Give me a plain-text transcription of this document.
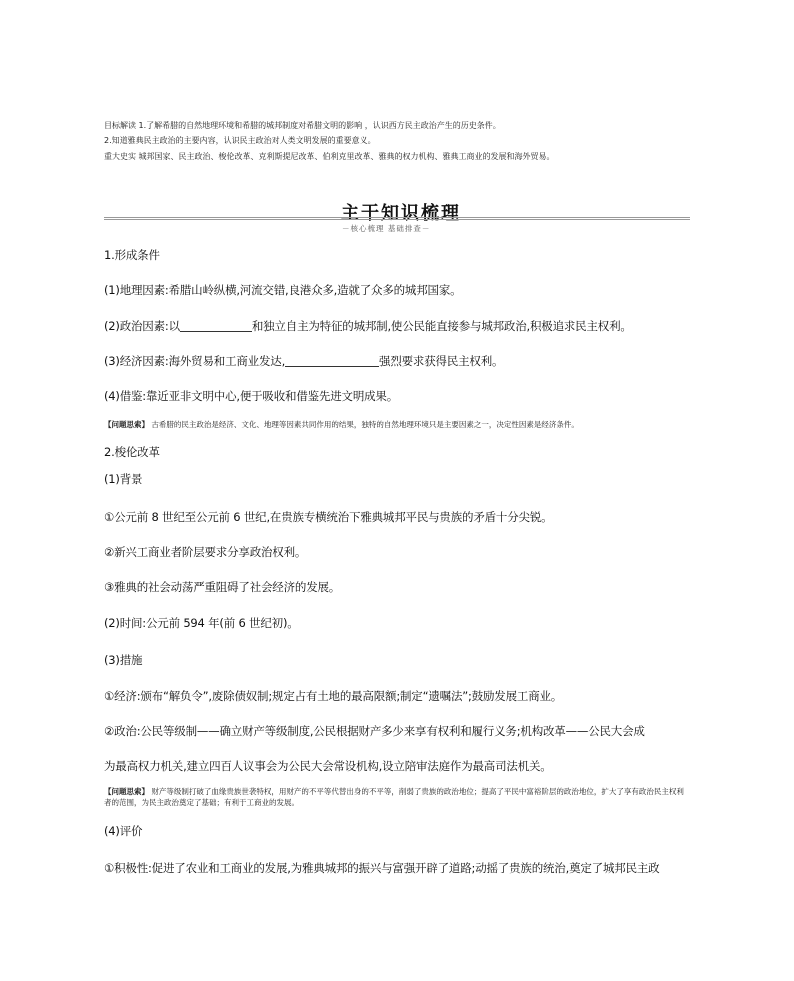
目标解读 1.了解希腊的自然地理环境和希腊的城邦制度对希腊文明的影响 ，认识西方民主政治产生的历史条件。
2.知道雅典民主政治的主要内容，认识民主政治对人类文明发展的重要意义。
重大史实 城邦国家、民主政治、梭伦改革、克利斯提尼改革、伯利克里改革、雅典的权力机构、雅典工商业的发展和海外贸易。
主干知识梳理
－核心梳理 基础排查－
1.形成条件
(1)地理因素:希腊山岭纵横,河流交错,良港众多,造就了众多的城邦国家。
(2)政治因素:以	和独立自主为特征的城邦制,使公民能直接参与城邦政治,积极追求民主权利。
(3)经济因素:海外贸易和工商业发达,	强烈要求获得民主权利。
(4)借鉴:靠近亚非文明中心,便于吸收和借鉴先进文明成果。
【问题思索】 古希腊的民主政治是经济、文化、地理等因素共同作用的结果，独特的自然地理环境只是主要因素之一，决定性因素是经济条件。
2.梭伦改革
(1)背景
①公元前 8 世纪至公元前 6 世纪,在贵族专横统治下雅典城邦平民与贵族的矛盾十分尖锐。
②新兴工商业者阶层要求分享政治权利。
③雅典的社会动荡严重阻碍了社会经济的发展。
(2)时间:公元前 594 年(前 6 世纪初)。
(3)措施
①经济:颁布“解负令”,废除债奴制;规定占有土地的最高限额;制定“遗嘱法”;鼓励发展工商业。
②政治:公民等级制——确立财产等级制度,公民根据财产多少来享有权利和履行义务;机构改革——公民大会成
为最高权力机关,建立四百人议事会为公民大会常设机构,设立陪审法庭作为最高司法机关。
【问题思索】 财产等级制打破了血缘贵族世袭特权，用财产的不平等代替出身的不平等，削弱了贵族的政治地位；提高了平民中富裕阶层的政治地位，扩大了享有政治民主权利者的范围，为民主政治奠定了基础；有利于工商业的发展。
(4)评价
①积极性:促进了农业和工商业的发展,为雅典城邦的振兴与富强开辟了道路;动摇了贵族的统治,奠定了城邦民主政
